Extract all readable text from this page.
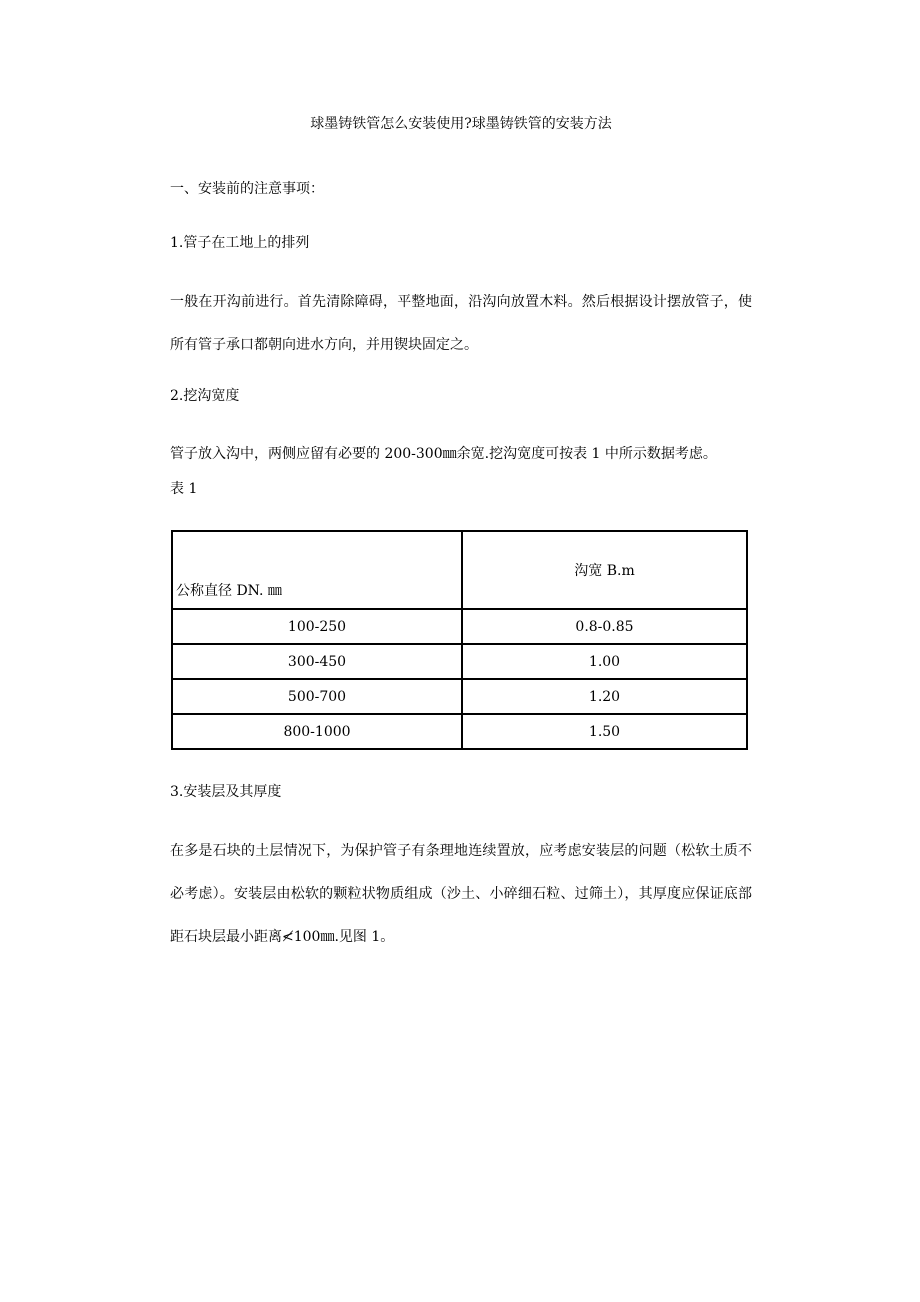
球墨铸铁管怎么安装使用?球墨铸铁管的安装方法
一、安装前的注意事项：
1.管子在工地上的排列
一般在开沟前进行。首先清除障碍，平整地面，沿沟向放置木料。然后根据设计摆放管子，使所有管子承口都朝向进水方向，并用锲块固定之。
2.挖沟宽度
管子放入沟中，两侧应留有必要的 200-300㎜余宽.挖沟宽度可按表 1 中所示数据考虑。
表 1
公称直径 DN. ㎜	沟宽 B.m
100-250	0.8-0.85
300-450	1.00
500-700	1.20
800-1000	1.50
3.安装层及其厚度
在多是石块的土层情况下，为保护管子有条理地连续置放，应考虑安装层的问题（松软土质不必考虑）。安装层由松软的颗粒状物质组成（沙土、小碎细石粒、过筛土），其厚度应保证底部距石块层最小距离≮100㎜.见图 1。
